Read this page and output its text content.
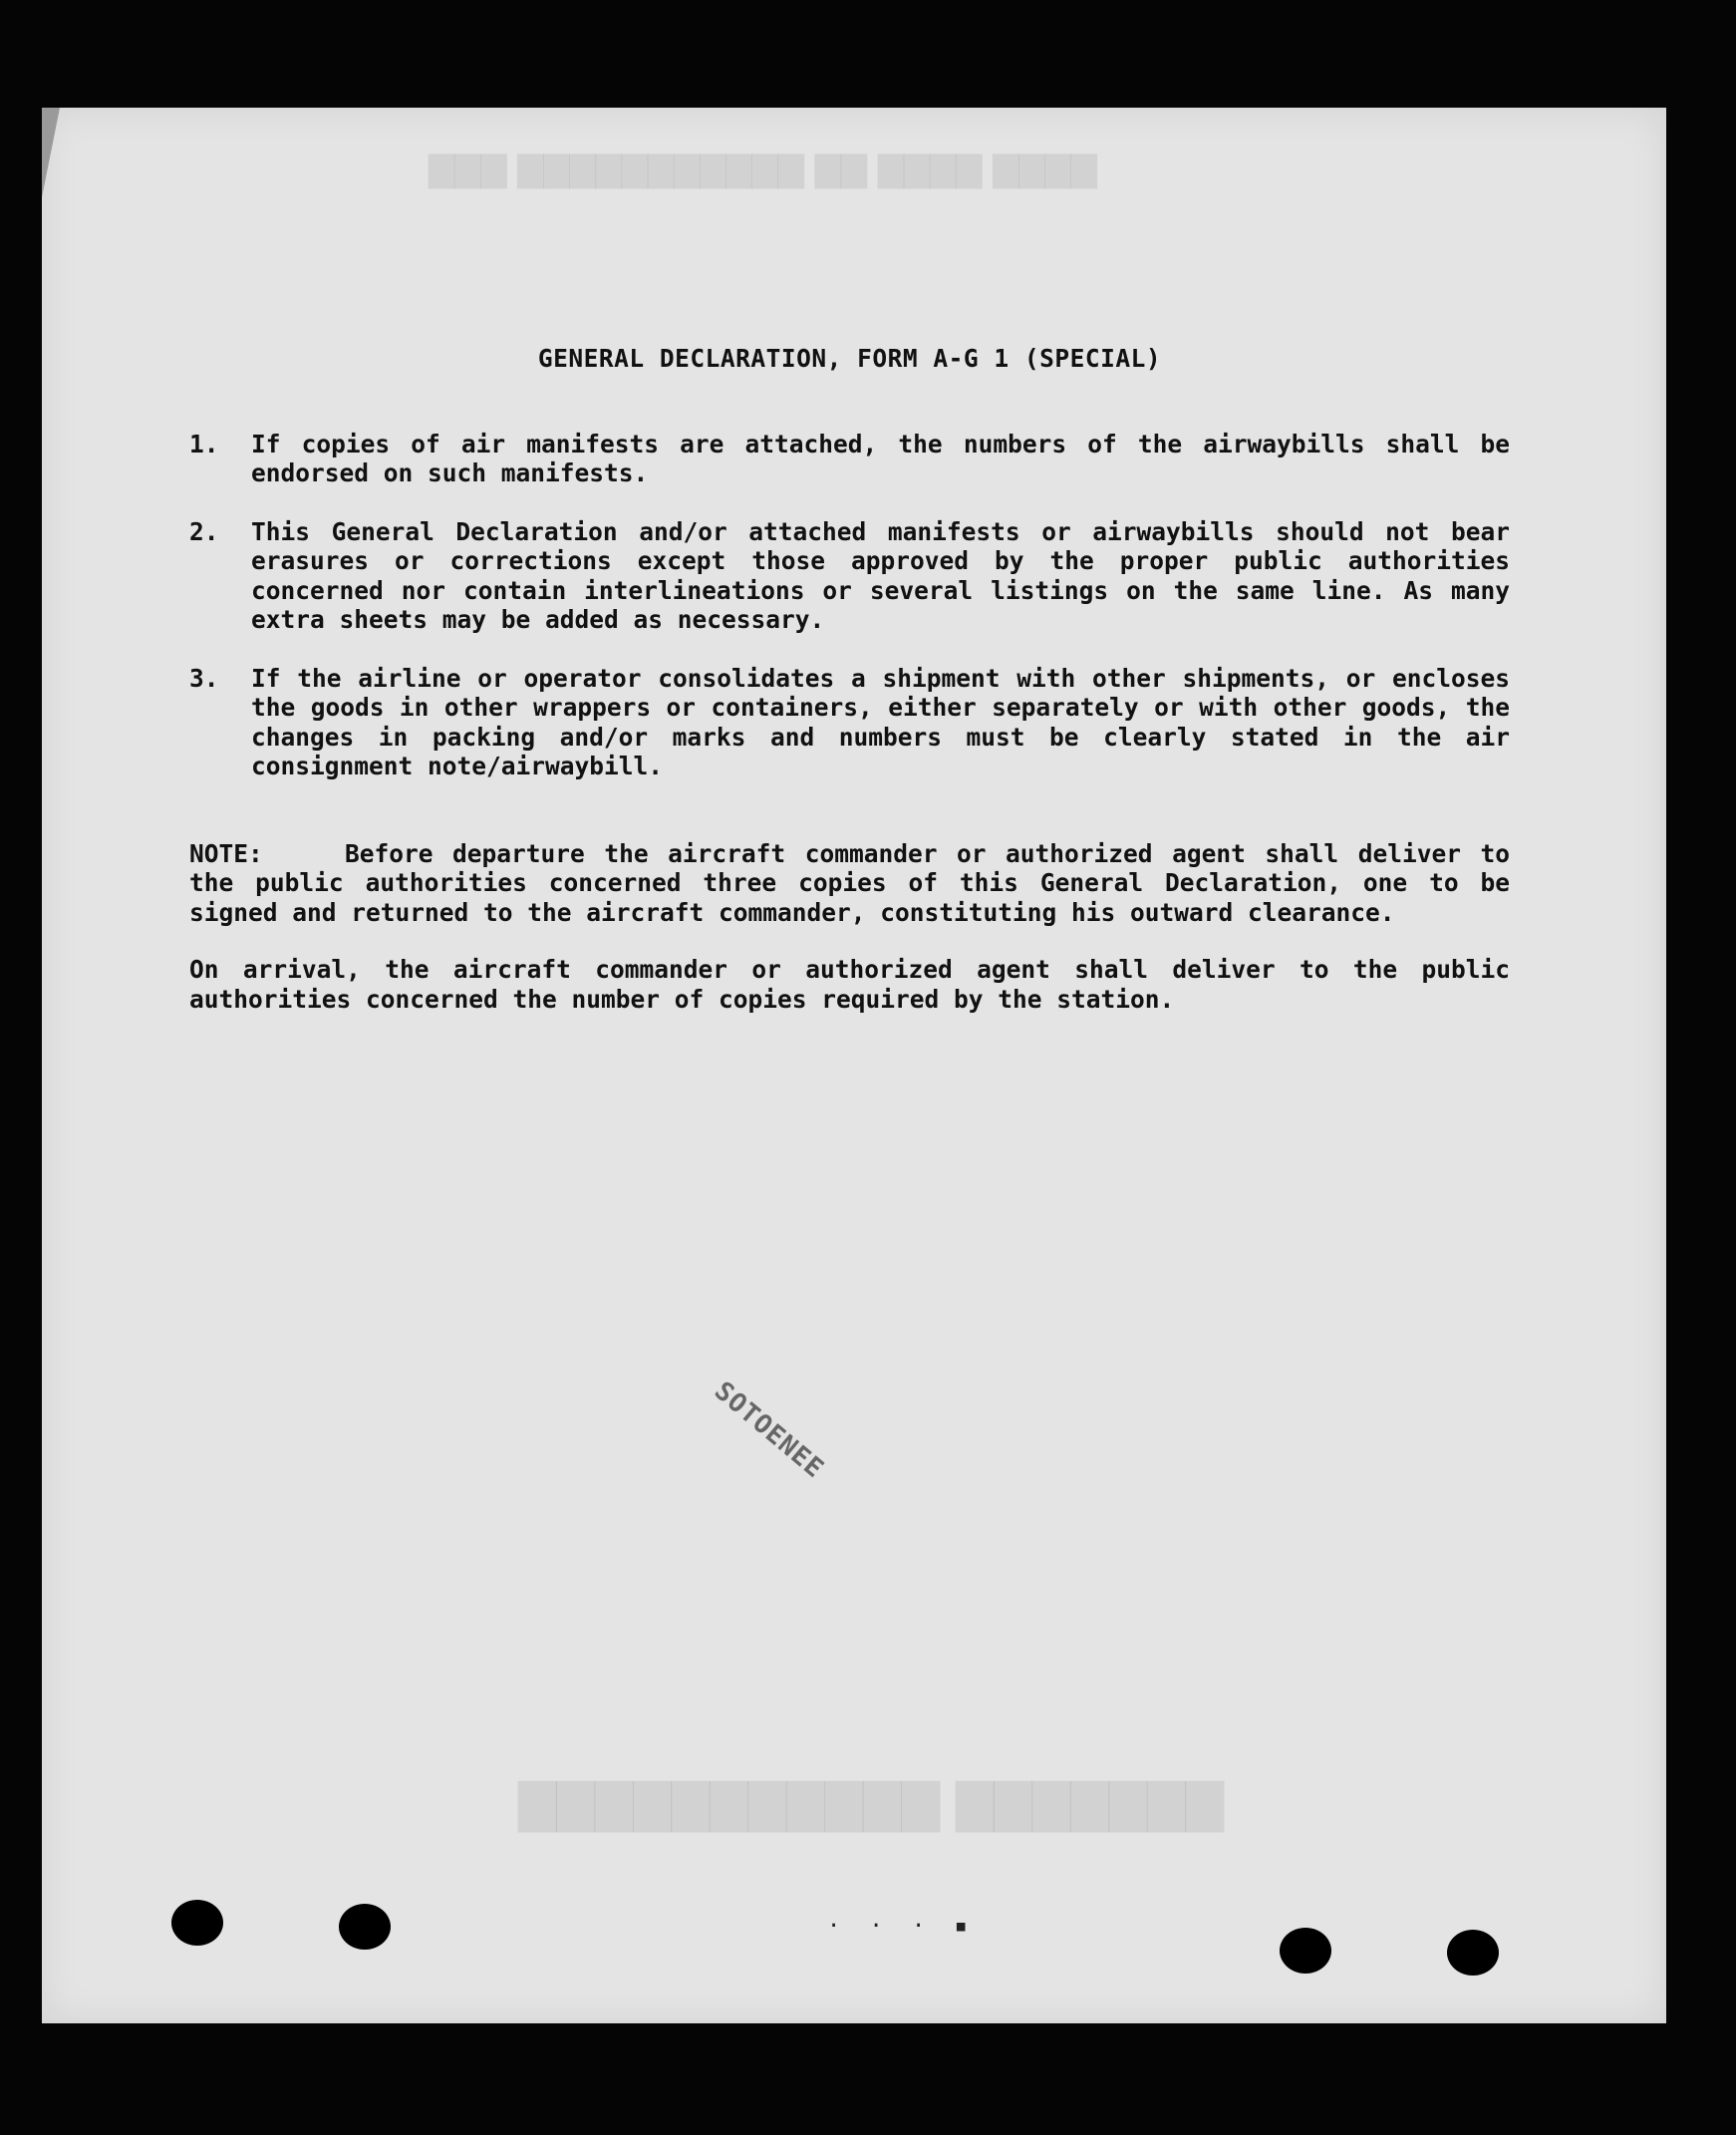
▇▇▇▇ ▇▇▇▇ ▇▇ ▇▇▇▇▇▇▇▇▇▇▇ ▇▇▇
▇▇▇▇▇▇▇ ▇▇▇▇▇▇▇▇▇▇▇
GENERAL DECLARATION, FORM A-G 1 (SPECIAL)
1.	If copies of air manifests are attached, the numbers of the airwaybills shall be endorsed on such manifests.
2.	This General Declaration and/or attached manifests or airwaybills should not bear erasures or corrections except those approved by the proper public authorities concerned nor contain interlineations or several listings on the same line. As many extra sheets may be added as necessary.
3.	If the airline or operator consolidates a shipment with other shipments, or encloses the goods in other wrappers or containers, either separately or with other goods, the changes in packing and/or marks and numbers must be clearly stated in the air consignment note/airwaybill.
NOTE:	Before departure the aircraft commander or authorized agent shall deliver to the public authorities concerned three copies of this General Declaration, one to be signed and returned to the aircraft commander, constituting his outward clearance.
On arrival, the aircraft commander or authorized agent shall deliver to the public authorities concerned the number of copies required by the station.
SOTOENEE
· · · ▪
